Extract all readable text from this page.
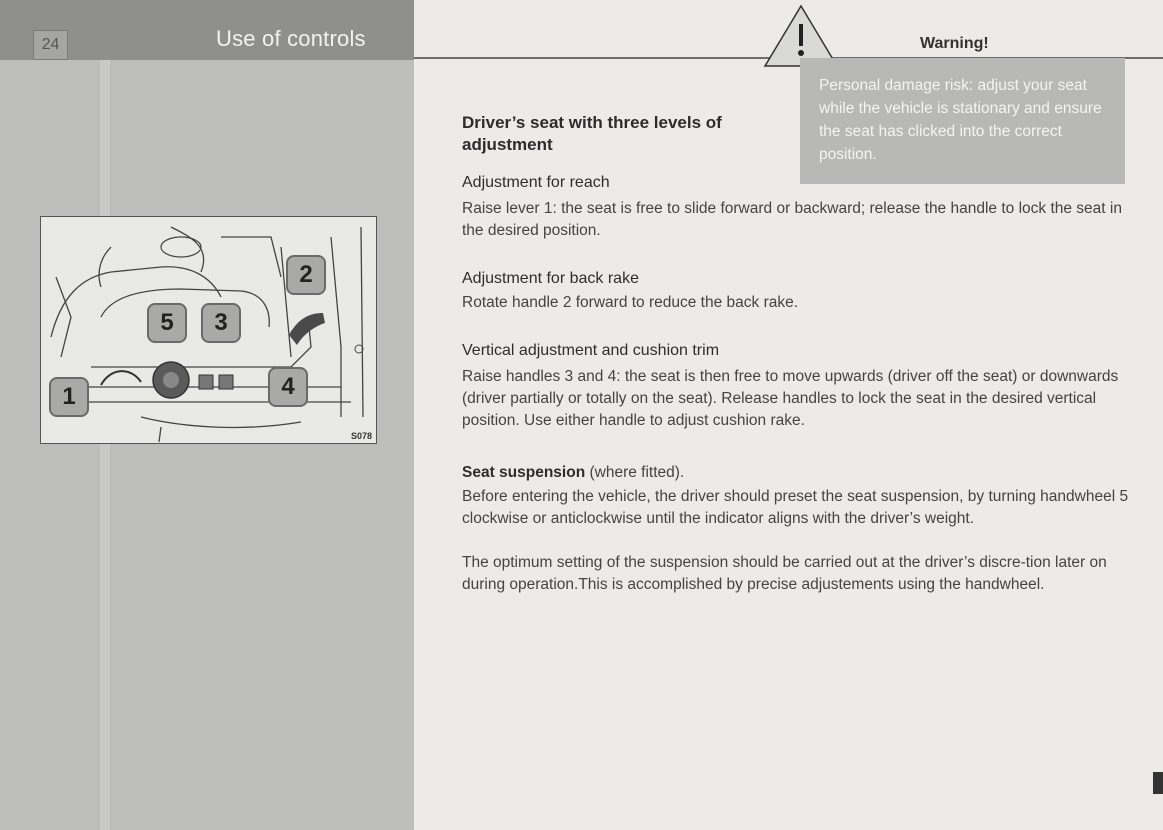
24	Use of controls	Warning!
Personal damage risk: adjust your seat while the vehicle is stationary and ensure the seat has clicked into the correct position.
1
2
5	3
4
S078
Driver’s seat with three levels of adjustment
Adjustment for reach
Raise lever 1: the seat is free to slide forward or backward; release the handle to lock the seat in the desired position.
Adjustment for back rake
Rotate handle 2 forward to reduce the back rake.
Vertical adjustment and cushion trim
Raise handles 3 and 4: the seat is then free to move upwards (driver off the seat) or downwards (driver partially or totally on the seat). Release handles to lock the seat in the desired vertical position. Use either handle to adjust cushion rake.
Seat suspension (where fitted).
Before entering the vehicle, the driver should preset the seat suspension, by turning handwheel 5 clockwise or anticlockwise until the indicator aligns with the driver’s weight.
The optimum setting of the suspension should be carried out at the driver’s discre-tion later on during operation.This is accomplished by precise adjustements using the handwheel.
